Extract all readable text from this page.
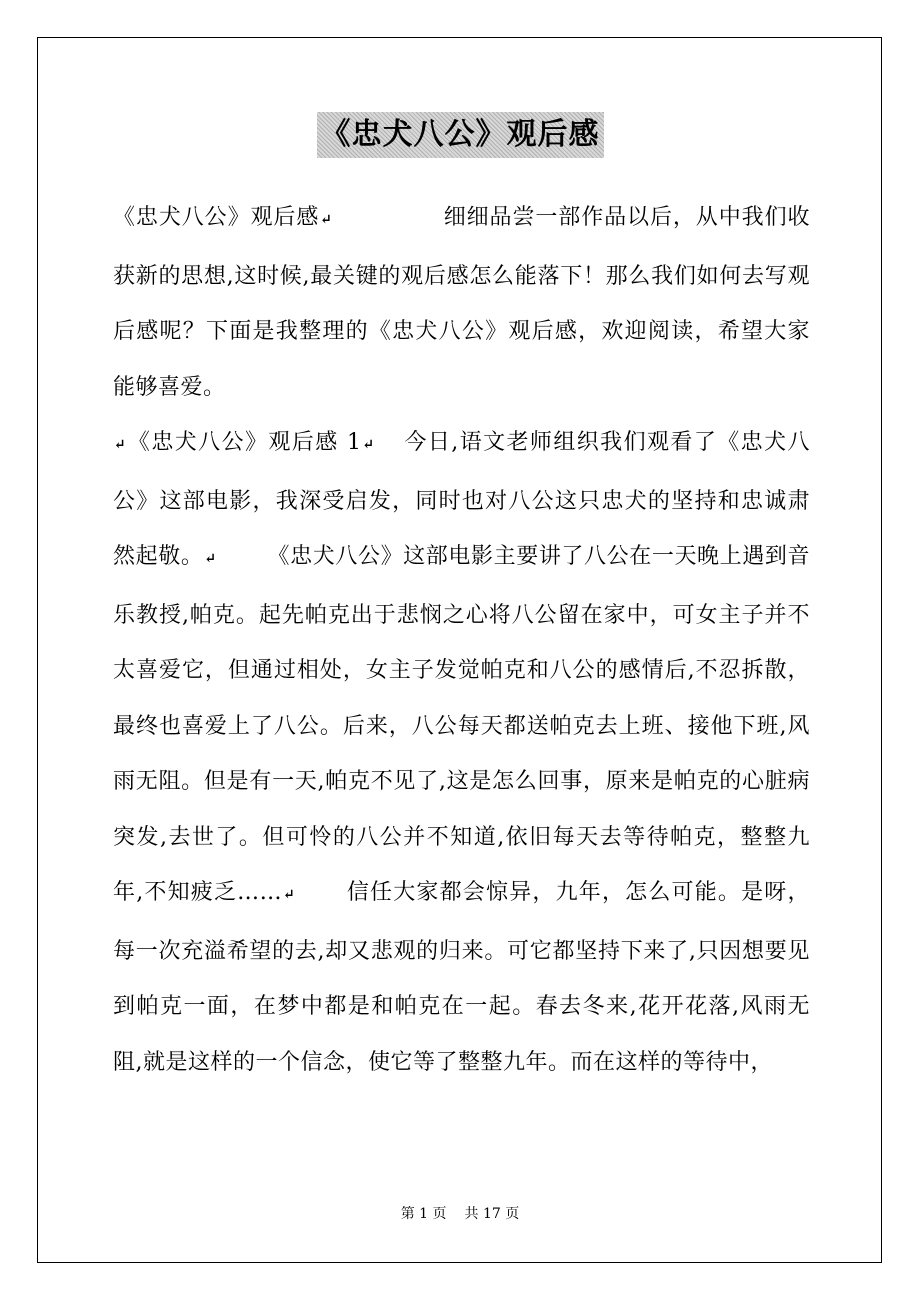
《忠犬八公》观后感

《忠犬八公》观后感↵	细细品尝一部作品以后，从中我们收获新的思想,这时候,最关键的观后感怎么能落下！那么我们如何去写观后感呢？下面是我整理的《忠犬八公》观后感，欢迎阅读，希望大家能够喜爱。

↵《忠犬八公》观后感 1↵ 今日,语文老师组织我们观看了《忠犬八公》这部电影，我深受启发，同时也对八公这只忠犬的坚持和忠诚肃然起敬。↵ 《忠犬八公》这部电影主要讲了八公在一天晚上遇到音乐教授,帕克。起先帕克出于悲悯之心将八公留在家中，可女主子并不太喜爱它，但通过相处，女主子发觉帕克和八公的感情后,不忍拆散，最终也喜爱上了八公。后来，八公每天都送帕克去上班、接他下班,风雨无阻。但是有一天,帕克不见了,这是怎么回事，原来是帕克的心脏病突发,去世了。但可怜的八公并不知道,依旧每天去等待帕克，整整九年,不知疲乏……↵ 信任大家都会惊异，九年，怎么可能。是呀，每一次充溢希望的去,却又悲观的归来。可它都坚持下来了,只因想要见到帕克一面，在梦中都是和帕克在一起。春去冬来,花开花落,风雨无阻,就是这样的一个信念，使它等了整整九年。而在这样的等待中，

第 1 页 共 17 页
